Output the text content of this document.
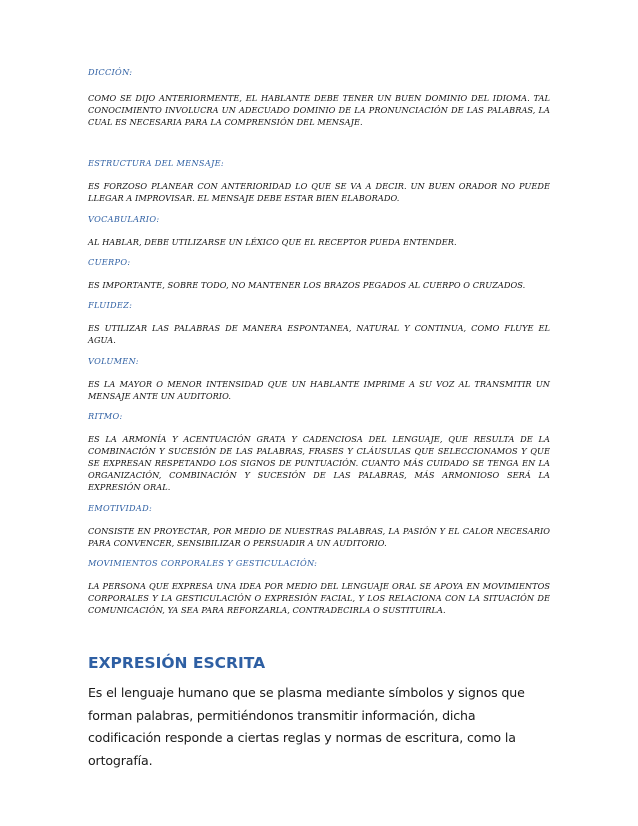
DICCIÓN:

COMO SE DIJO ANTERIORMENTE, EL HABLANTE DEBE TENER UN BUEN DOMINIO DEL IDIOMA. TAL CONOCIMIENTO INVOLUCRA UN ADECUADO DOMINIO DE LA PRONUNCIACIÓN DE LAS PALABRAS, LA CUAL ES NECESARIA PARA LA COMPRENSIÓN DEL MENSAJE.

ESTRUCTURA DEL MENSAJE:

ES FORZOSO PLANEAR CON ANTERIORIDAD LO QUE SE VA A DECIR. UN BUEN ORADOR NO PUEDE LLEGAR A IMPROVISAR. EL MENSAJE DEBE ESTAR BIEN ELABORADO.

VOCABULARIO:

AL HABLAR, DEBE UTILIZARSE UN LÉXICO QUE EL RECEPTOR PUEDA ENTENDER.

CUERPO:

ES IMPORTANTE, SOBRE TODO, NO MANTENER LOS BRAZOS PEGADOS AL CUERPO O CRUZADOS.

FLUIDEZ:

ES UTILIZAR LAS PALABRAS DE MANERA ESPONTANEA, NATURAL Y CONTINUA, COMO FLUYE EL AGUA.

VOLUMEN:

ES LA MAYOR O MENOR INTENSIDAD QUE UN HABLANTE IMPRIME A SU VOZ AL TRANSMITIR UN MENSAJE ANTE UN AUDITORIO.

RITMO:

ES LA ARMONÍA Y ACENTUACIÓN GRATA Y CADENCIOSA DEL LENGUAJE, QUE RESULTA DE LA COMBINACIÓN Y SUCESIÓN DE LAS PALABRAS, FRASES Y CLÁUSULAS QUE SELECCIONAMOS Y QUE SE EXPRESAN RESPETANDO LOS SIGNOS DE PUNTUACIÓN. CUANTO MÁS CUIDADO SE TENGA EN LA ORGANIZACIÓN, COMBINACIÓN Y SUCESIÓN DE LAS PALABRAS, MÁS ARMONIOSO SERÁ LA EXPRESIÓN ORAL.

EMOTIVIDAD:

CONSISTE EN PROYECTAR, POR MEDIO DE NUESTRAS PALABRAS, LA PASIÓN Y EL CALOR NECESARIO PARA CONVENCER, SENSIBILIZAR O PERSUADIR A UN AUDITORIO.

MOVIMIENTOS CORPORALES Y GESTICULACIÓN:

LA PERSONA QUE EXPRESA UNA IDEA POR MEDIO DEL LENGUAJE ORAL SE APOYA EN MOVIMIENTOS CORPORALES Y LA GESTICULACIÓN O EXPRESIÓN FACIAL, Y LOS RELACIONA CON LA SITUACIÓN DE COMUNICACIÓN, YA SEA PARA REFORZARLA, CONTRADECIRLA O SUSTITUIRLA.

EXPRESIÓN ESCRITA

Es el lenguaje humano que se plasma mediante símbolos y signos que forman palabras, permitiéndonos transmitir información, dicha codificación responde a ciertas reglas y normas de escritura, como la ortografía.
